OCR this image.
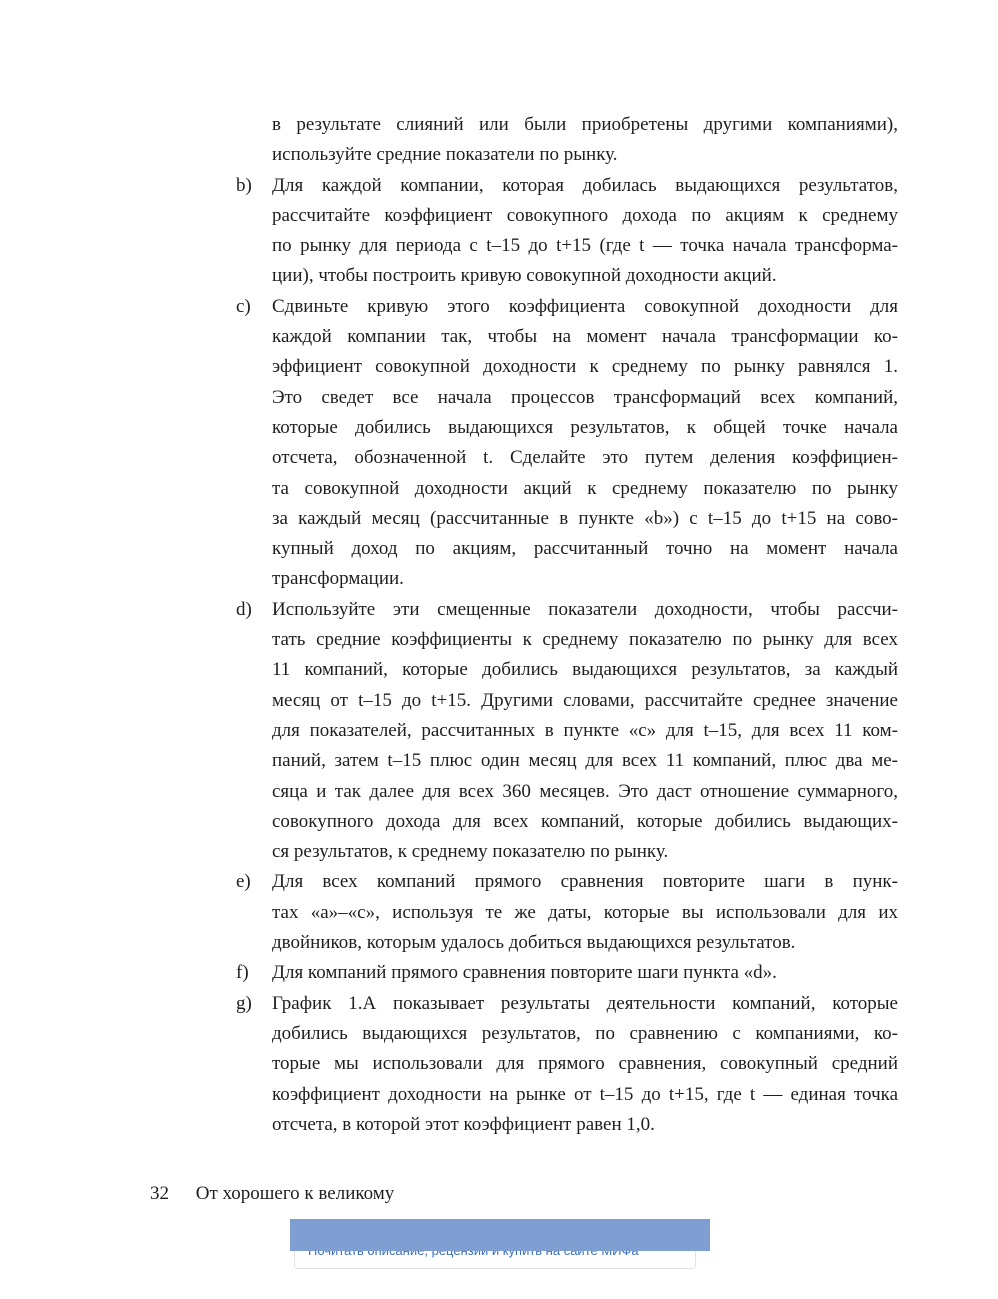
в результате слияний или были приобретены другими компаниями),
используйте средние показатели по рынку.
b)	Для каждой компании, которая добилась выдающихся результатов,
рассчитайте коэффициент совокупного дохода по акциям к среднему
по рынку для периода с t–15 до t+15 (где t — точка начала трансформа-
ции), чтобы построить кривую совокупной доходности акций.
c)	Сдвиньте кривую этого коэффициента совокупной доходности для
каждой компании так, чтобы на момент начала трансформации ко-
эффициент совокупной доходности к среднему по рынку равнялся 1.
Это сведет все начала процессов трансформаций всех компаний,
которые добились выдающихся результатов, к общей точке начала
отсчета, обозначенной t. Сделайте это путем деления коэффициен-
та совокупной доходности акций к среднему показателю по рынку
за каждый месяц (рассчитанные в пункте «b») с t–15 до t+15 на сово-
купный доход по акциям, рассчитанный точно на момент начала
трансформации.
d)	Используйте эти смещенные показатели доходности, чтобы рассчи-
тать средние коэффициенты к среднему показателю по рынку для всех
11 компаний, которые добились выдающихся результатов, за каждый
месяц от t–15 до t+15. Другими словами, рассчитайте среднее значение
для показателей, рассчитанных в пункте «c» для t–15, для всех 11 ком-
паний, затем t–15 плюс один месяц для всех 11 компаний, плюс два ме-
сяца и так далее для всех 360 месяцев. Это даст отношение суммарного,
совокупного дохода для всех компаний, которые добились выдающих-
ся результатов, к среднему показателю по рынку.
e)	Для всех компаний прямого сравнения повторите шаги в пунк-
тах «a»–«c», используя те же даты, которые вы использовали для их
двойников, которым удалось добиться выдающихся результатов.
f)	Для компаний прямого сравнения повторите шаги пункта «d».
g)	График 1.А показывает результаты деятельности компаний, которые
добились выдающихся результатов, по сравнению с компаниями, ко-
торые мы использовали для прямого сравнения, совокупный средний
коэффициент доходности на рынке от t–15 до t+15, где t — единая точка
отсчета, в которой этот коэффициент равен 1,0.
32 От хорошего к великому
